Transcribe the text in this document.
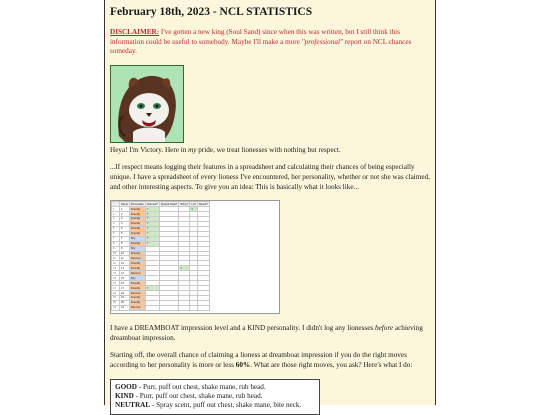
February 18th, 2023 - NCL STATISTICS

DISCLAIMER: I've gotten a new king (Soul Sand) since when this was written, but I still think this information could be useful to somebody. Maybe I'll make a more "professional" report on NCL chances someday.

Heya! I'm Victory. Here in my pride, we treat lionesses with nothing but respect.

...If respect means logging their features in a spreadsheet and calculating their chances of being especially unique. I have a spreadsheet of every lioness I've encountered, her personality, whether or not she was claimed, and other interesting aspects. To give you an idea: This is basically what it looks like...

	Name	Personality	Claimed?	Special Stats?	Shiny?	Lvl?	Result?
1	1	Friendly	Y			Y	
2	2	Friendly	Y				
3	3	Friendly	Y				
4	4	Friendly	Y				
5	5	Friendly	Y				
6	6	Friendly	Y				
7	7	Shy	Y				
8	8	Friendly	Y				
9	9	Shy					
10	10	Friendly					
11	11	Nervous					
12	12	Friendly					
13	13	Friendly			Y		
14	14	Nervous					
15	15	Shy					
16	16	Friendly					
17	17	Friendly	Y				
18	18	Nervous					
19	19	Friendly					
20	20	Friendly					
21	21	Nervous					

I have a DREAMBOAT impression level and a KIND personality. I didn't log any lionesses before achieving dreamboat impression.

Starting off, the overall chance of claiming a lioness at dreamboat impression if you do the right moves according to her personality is more or less 60%. What are those right moves, you ask? Here's what I do:

GOOD - Purr, puff out chest, shake mane, rub head.
KIND - Purr, puff out chest, shake mane, rub head.
NEUTRAL - Spray scent, puff out chest, shake mane, bite neck.
